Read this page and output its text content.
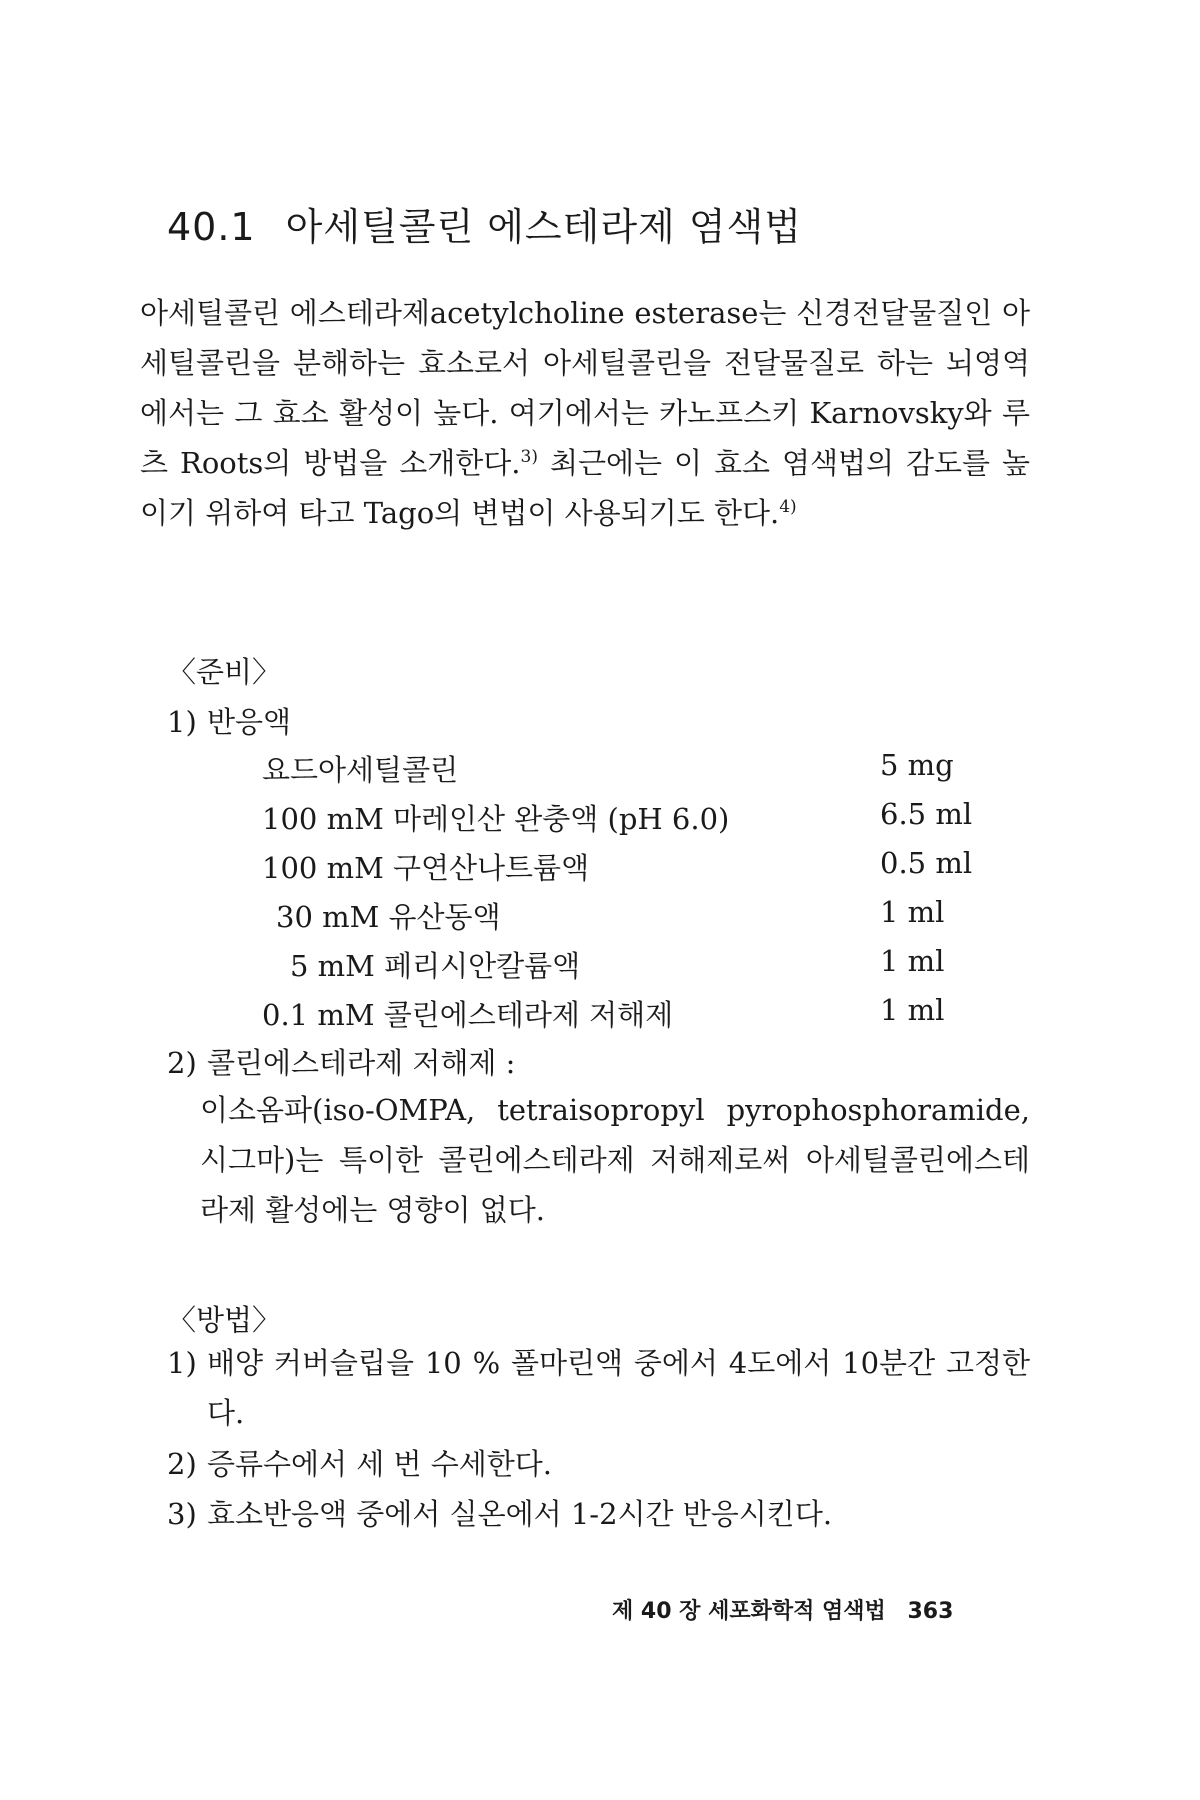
40.1 아세틸콜린 에스테라제 염색법
아세틸콜린 에스테라제acetylcholine esterase는 신경전달물질인 아세틸콜린을 분해하는 효소로서 아세틸콜린을 전달물질로 하는 뇌영역에서는 그 효소 활성이 높다. 여기에서는 카노프스키 Karnovsky와 루츠 Roots의 방법을 소개한다.$^{3)}$ 최근에는 이 효소 염색법의 감도를 높이기 위하여 타고 Tago의 변법이 사용되기도 한다.$^{4)}$
〈준비〉
1) 반응액
요드아세틸콜린	5 mg
100 mM 마레인산 완충액 (pH 6.0)	6.5 ml
100 mM 구연산나트륨액	0.5 ml
30 mM 유산동액	1 ml
5 mM 페리시안칼륨액	1 ml
0.1 mM 콜린에스테라제 저해제	1 ml
2) 콜린에스테라제 저해제 :
이소옴파(iso-OMPA, tetraisopropyl pyrophosphoramide, 시그마)는 특이한 콜린에스테라제 저해제로써 아세틸콜린에스테라제 활성에는 영향이 없다.
〈방법〉
1) 배양 커버슬립을 10 % 폴마린액 중에서 4도에서 10분간 고정한다.
2) 증류수에서 세 번 수세한다.
3) 효소반응액 중에서 실온에서 1-2시간 반응시킨다.
제 40 장 세포화학적 염색법 363
